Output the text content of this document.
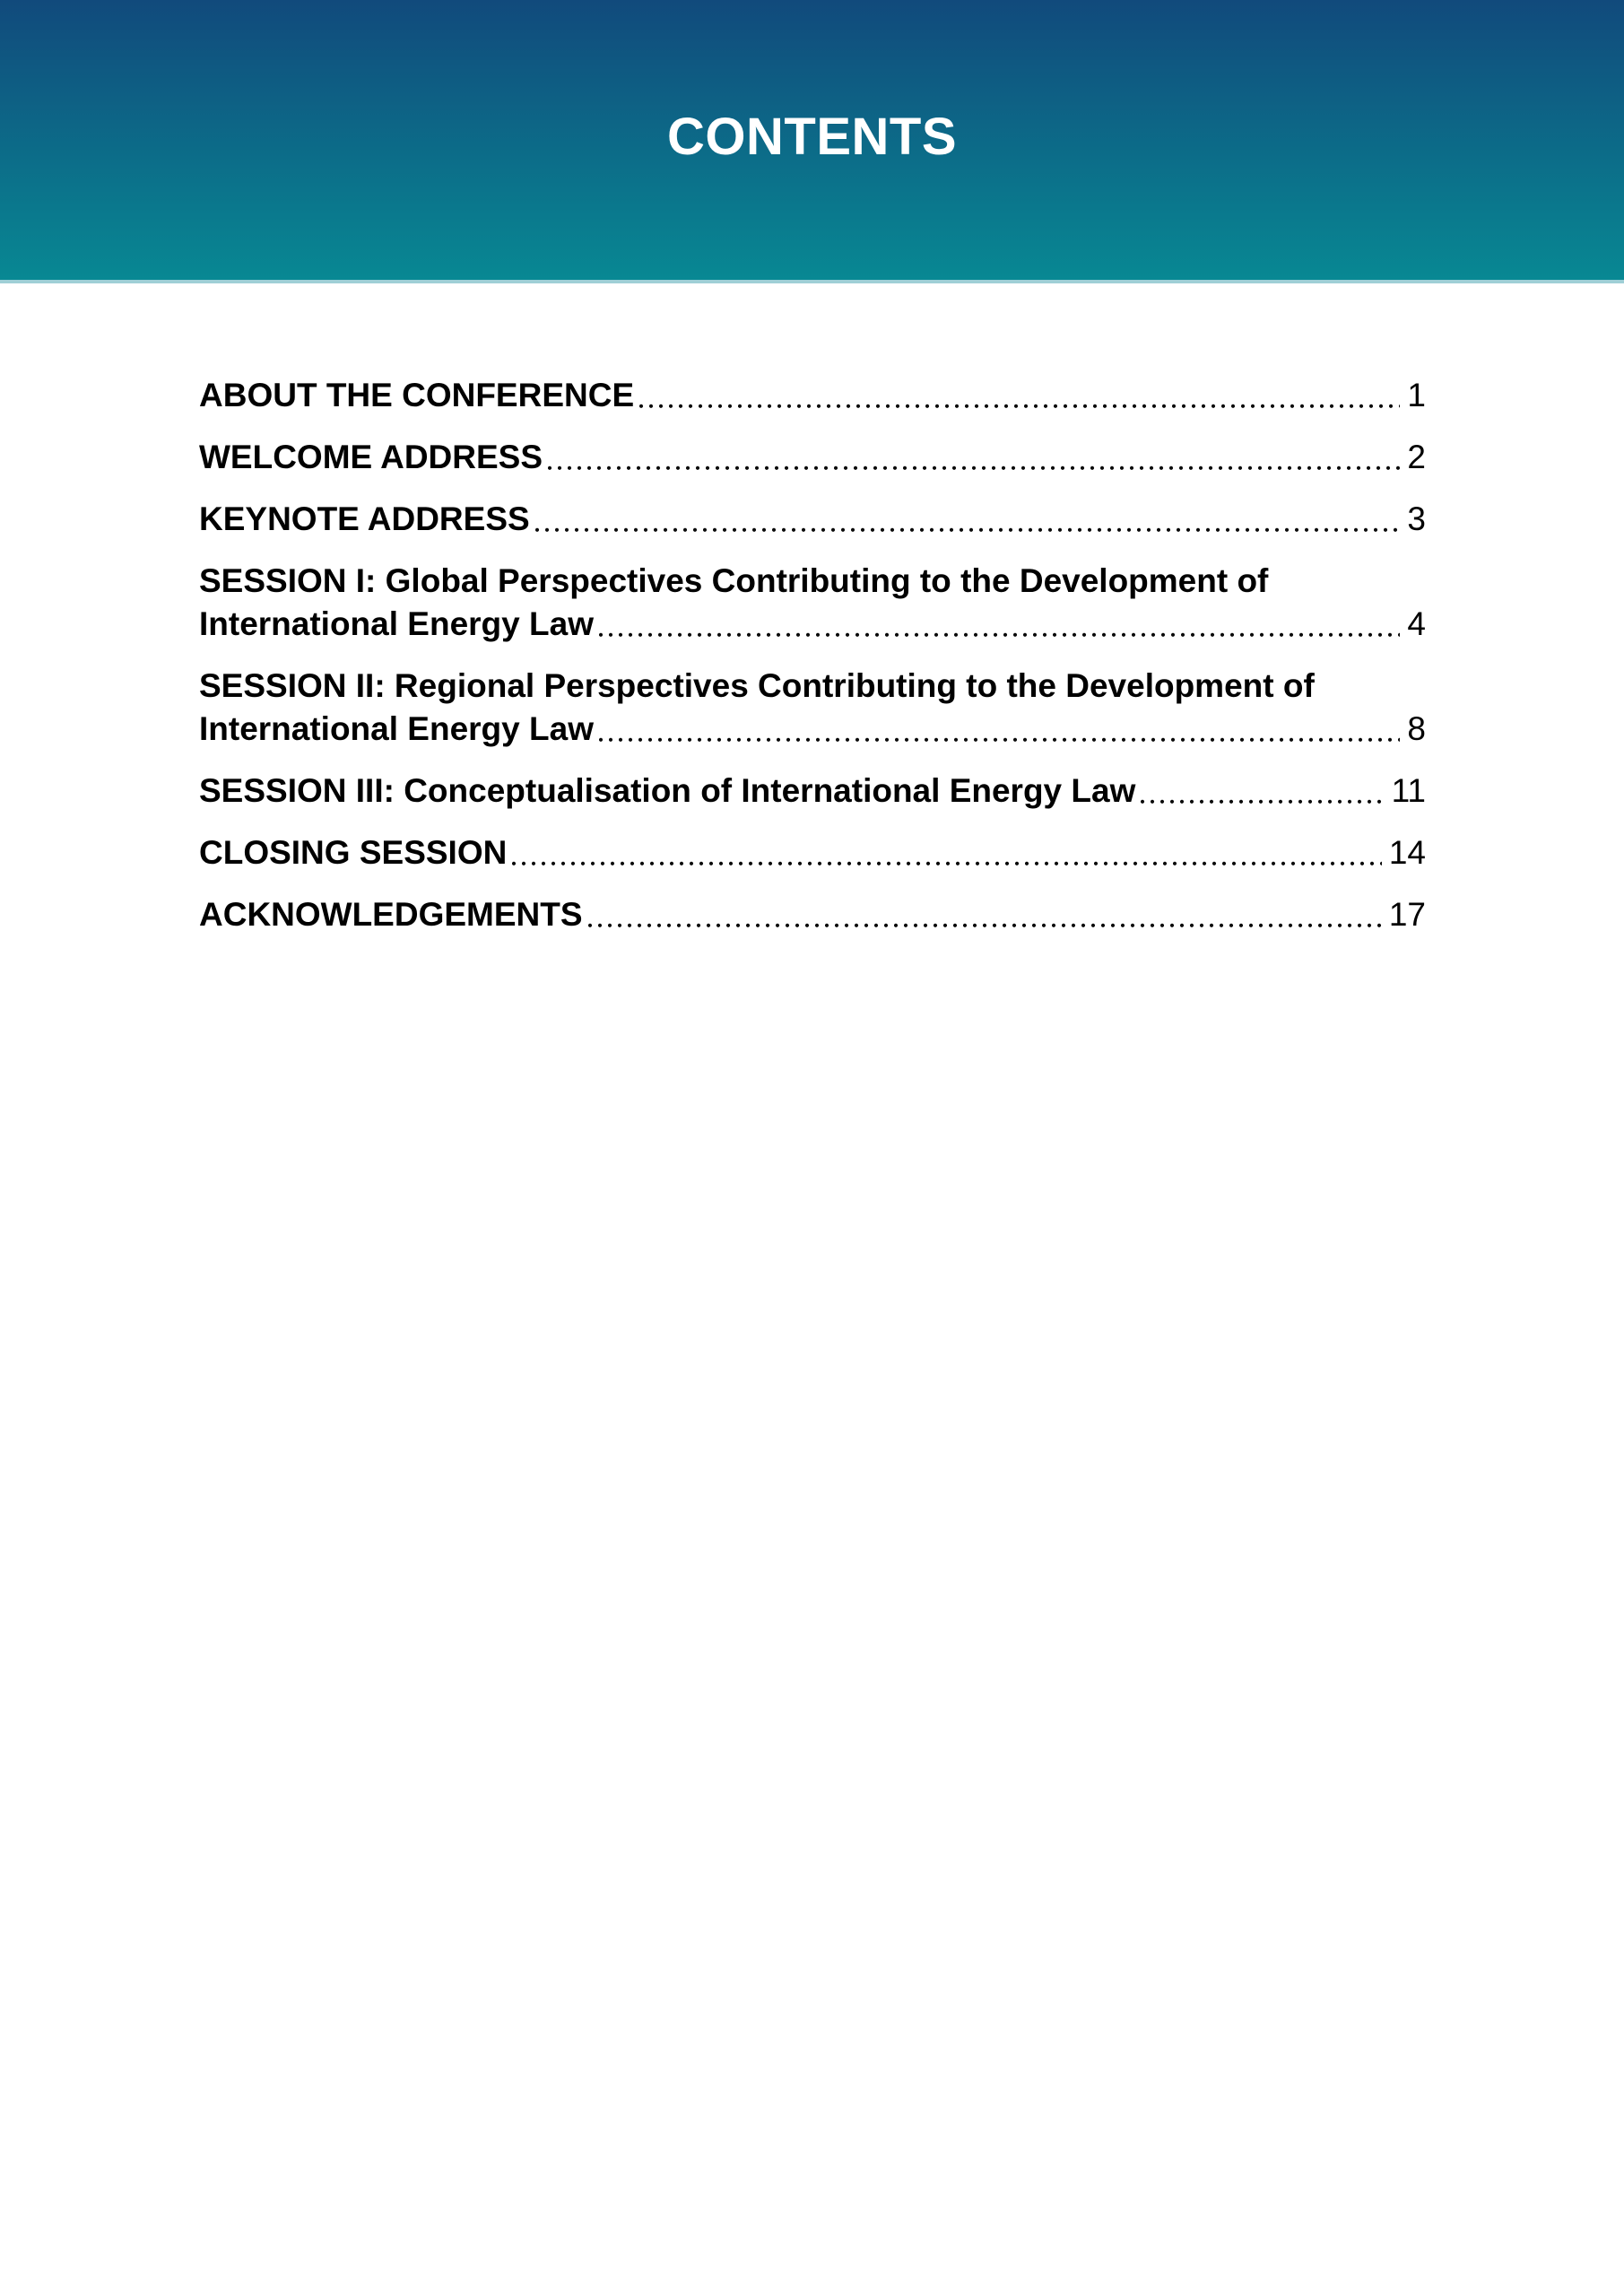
CONTENTS
ABOUT THE CONFERENCE	1
WELCOME ADDRESS	2
KEYNOTE ADDRESS	3
SESSION I: Global Perspectives Contributing to the Development of
International Energy Law	4
SESSION II: Regional Perspectives Contributing to the Development of
International Energy Law	8
SESSION III: Conceptualisation of International Energy Law	11
CLOSING SESSION	14
ACKNOWLEDGEMENTS	17
